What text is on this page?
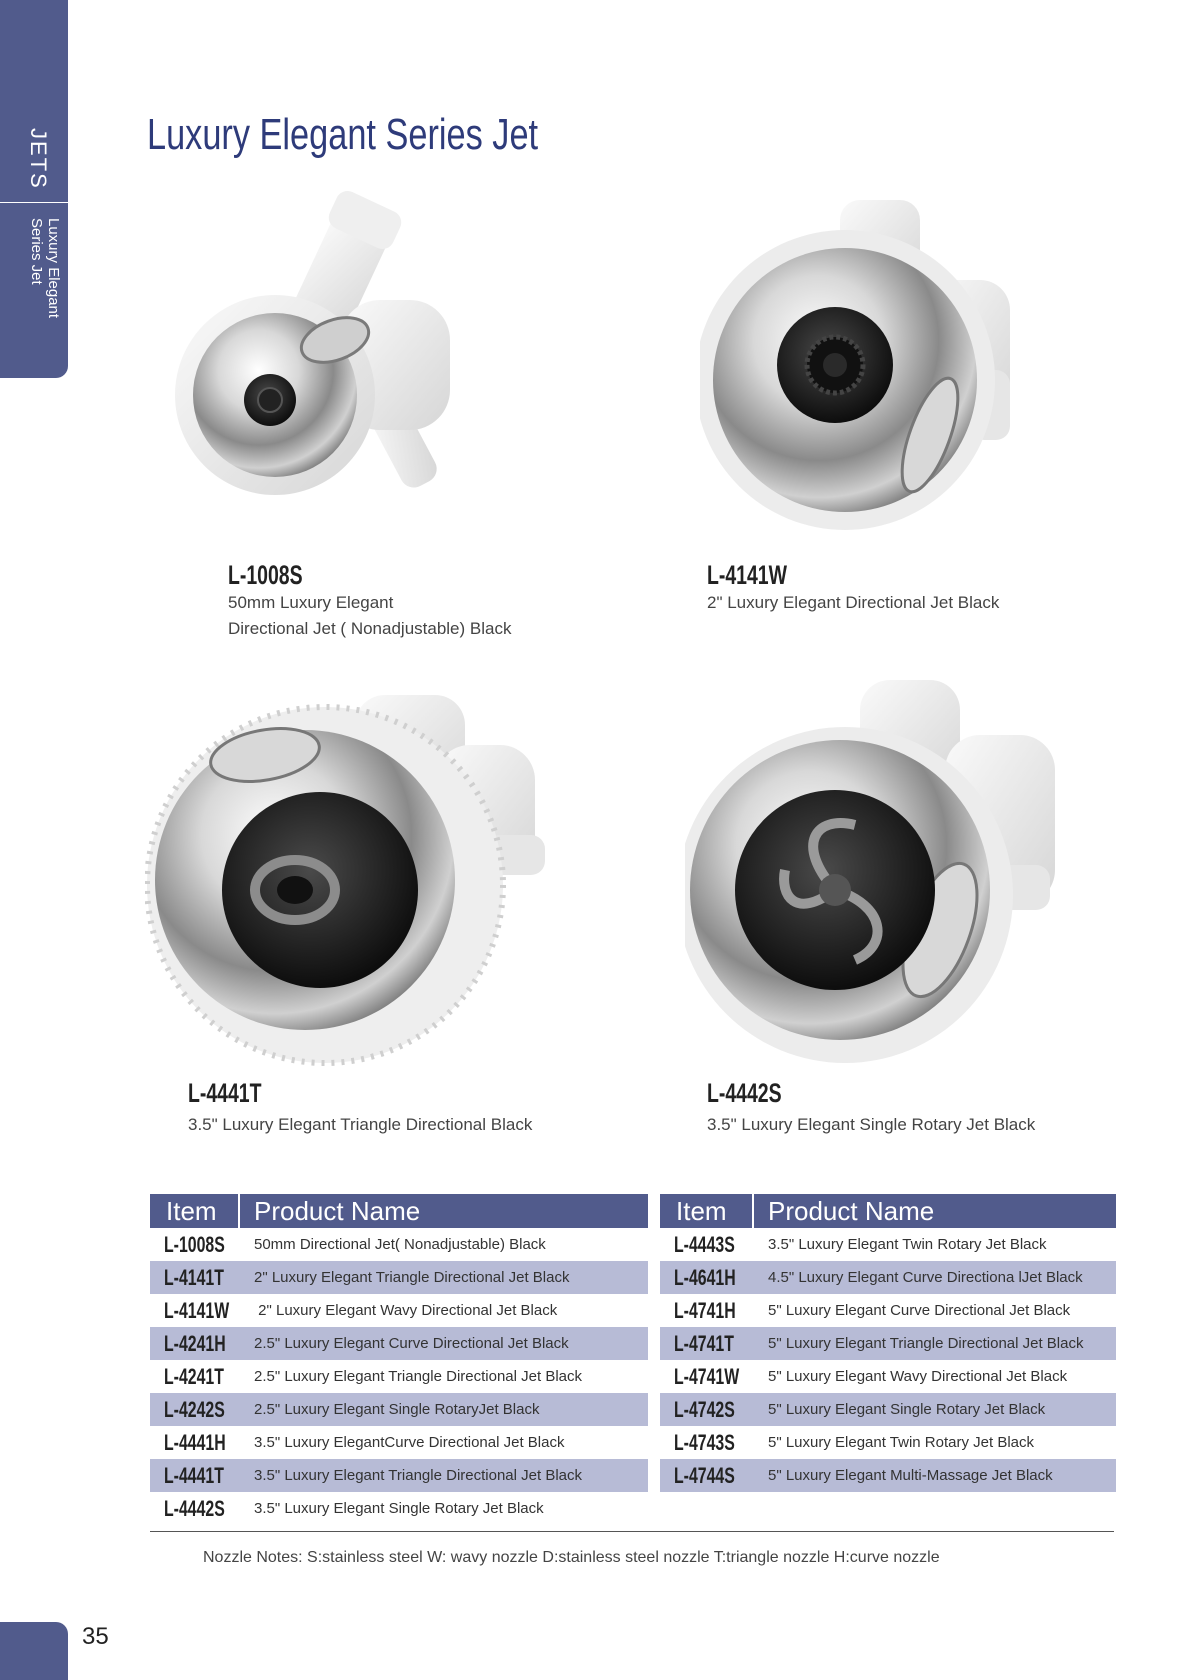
JETS
Luxury Elegant
Series Jet
Luxury Elegant Series Jet
L-1008S
50mm Luxury Elegant
Directional Jet ( Nonadjustable) Black
L-4141W
2" Luxury Elegant Directional Jet Black
L-4441T
3.5" Luxury Elegant Triangle Directional Black
L-4442S
3.5" Luxury Elegant Single Rotary Jet Black
Item	Product Name
L-1008S	50mm Directional Jet( Nonadjustable) Black
L-4141T	2" Luxury Elegant Triangle Directional Jet Black
L-4141W	2" Luxury Elegant Wavy Directional Jet Black
L-4241H	2.5" Luxury Elegant Curve Directional Jet Black
L-4241T	2.5" Luxury Elegant Triangle Directional Jet Black
L-4242S	2.5" Luxury Elegant Single RotaryJet Black
L-4441H	3.5" Luxury ElegantCurve Directional Jet Black
L-4441T	3.5" Luxury Elegant Triangle Directional Jet Black
L-4442S	3.5" Luxury Elegant Single Rotary Jet Black
Item	Product Name
L-4443S	3.5" Luxury Elegant Twin Rotary Jet Black
L-4641H	4.5" Luxury Elegant Curve Directiona lJet Black
L-4741H	5" Luxury Elegant Curve Directional Jet Black
L-4741T	5" Luxury Elegant Triangle Directional Jet Black
L-4741W	5" Luxury Elegant Wavy Directional Jet Black
L-4742S	5" Luxury Elegant Single Rotary Jet Black
L-4743S	5" Luxury Elegant Twin Rotary Jet Black
L-4744S	5" Luxury Elegant Multi-Massage Jet Black
Nozzle Notes: S:stainless steel W: wavy nozzle D:stainless steel nozzle T:triangle nozzle H:curve nozzle
35
